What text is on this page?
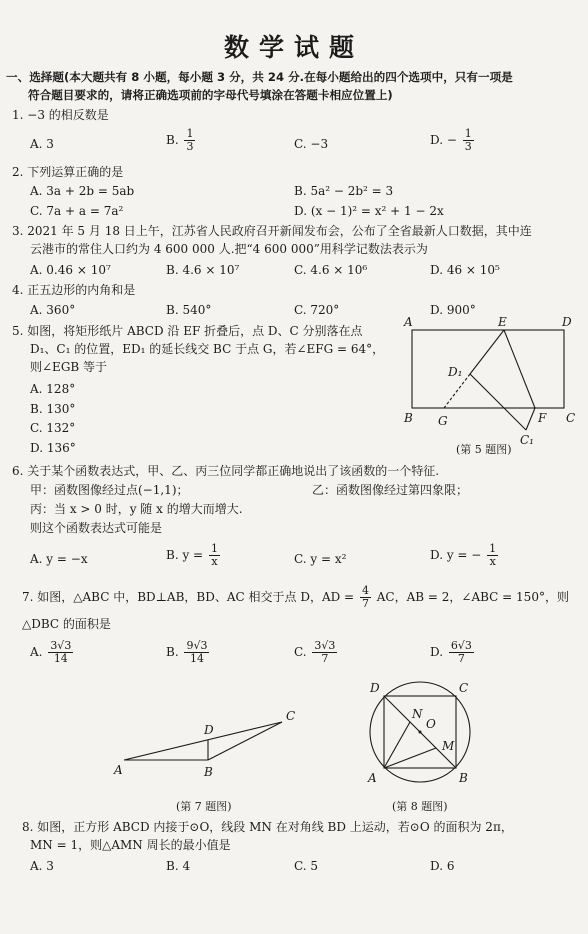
数学试题
一、选择题(本大题共有 8 小题，每小题 3 分，共 24 分.在每小题给出的四个选项中，只有一项是
符合题目要求的，请将正确选项前的字母代号填涂在答题卡相应位置上)
1. −3 的相反数是
A. 3	B. $\frac{1}{3}$	C. −3	D. − $\frac{1}{3}$
2. 下列运算正确的是
A. 3a + 2b = 5ab	B. 5a² − 2b² = 3
C. 7a + a = 7a²	D. (x − 1)² = x² + 1 − 2x
3. 2021 年 5 月 18 日上午，江苏省人民政府召开新闻发布会，公布了全省最新人口数据，其中连
云港市的常住人口约为 4 600 000 人.把“4 600 000”用科学记数法表示为
A. 0.46 × 10⁷	B. 4.6 × 10⁷	C. 4.6 × 10⁶	D. 46 × 10⁵
4. 正五边形的内角和是
A. 360°	B. 540°	C. 720°	D. 900°
5. 如图，将矩形纸片 ABCD 沿 EF 折叠后，点 D、C 分别落在点
D₁、C₁ 的位置，ED₁ 的延长线交 BC 于点 G，若∠EFG = 64°，
则∠EGB 等于
A. 128°
B. 130°
C. 132°
D. 136°
A	E	D
D₁
B G	F C
C₁
(第 5 题图)
6. 关于某个函数表达式，甲、乙、丙三位同学都正确地说出了该函数的一个特征.
甲：函数图像经过点(−1,1)；	乙：函数图像经过第四象限；
丙：当 x > 0 时，y 随 x 的增大而增大.
则这个函数表达式可能是
A. y = −x	B. $y = \frac{1}{x}$	C. y = x²	D. y = − $\frac{1}{x}$
7. 如图，△ABC 中，BD⊥AB，BD、AC 相交于点 D，AD = $\frac{4}{7}$ AC，AB = 2，∠ABC = 150°，则
△DBC 的面积是
A. $\frac{3√3}{14}$	B. $\frac{9√3}{14}$	C. $\frac{3√3}{7}$	D. $\frac{6√3}{7}$
A	B
D
C
(第 7 题图)
D	C
A	B
N
O
M
(第 8 题图)
8. 如图，正方形 ABCD 内接于⊙O，线段 MN 在对角线 BD 上运动，若⊙O 的面积为 2π，
MN = 1，则△AMN 周长的最小值是
A. 3	B. 4	C. 5	D. 6
